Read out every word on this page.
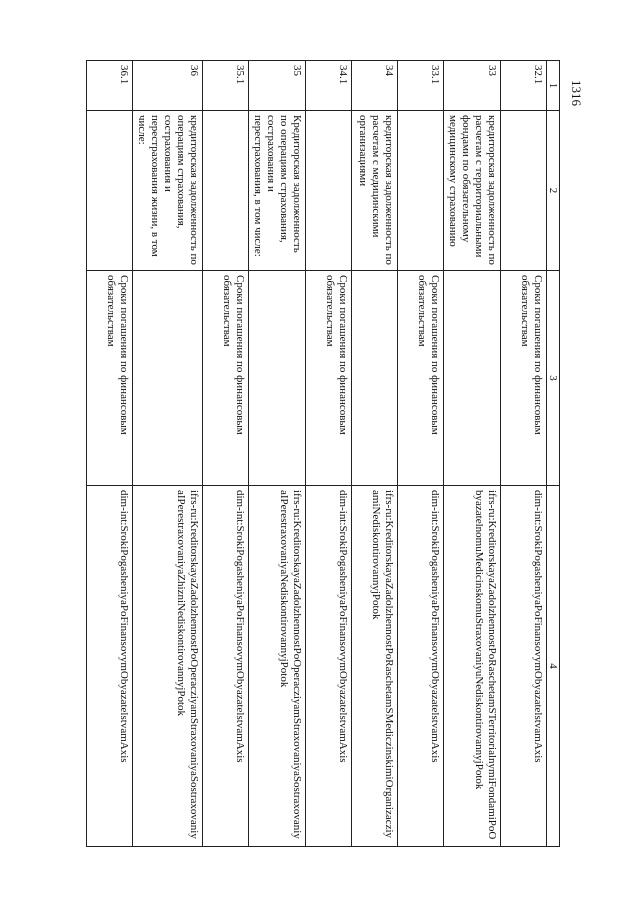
1316
1	2	3	4
32.1		Сроки погашения по финансовым обязательствам	dim-int:SrokiPogasheniyaPoFinansovymObyazatelstvamAxis
33	кредиторская задолженность по расчетам с территориальными фондами по обязательному медицинскому страхованию		ifrs-ru:KreditorskayaZadolzhennostPoRaschetamSTerritorialnymiFondamiPoObyazatelnomuMedicinskomuStraxovaniyuNediskontirovannyjPotok
33.1		Сроки погашения по финансовым обязательствам	dim-int:SrokiPogasheniyaPoFinansovymObyazatelstvamAxis
34	кредиторская задолженность по расчетам с медицинскими организациями		ifrs-ru:KreditorskayaZadolzhennostPoRaschetamSMediczinskimiOrganizacziyamiNediskontirovannyjPotok
34.1		Сроки погашения по финансовым обязательствам	dim-int:SrokiPogasheniyaPoFinansovymObyazatelstvamAxis
35	Кредиторская задолженность по операциям страхования, сострахования и перестрахования, в том числе:		ifrs-ru:KreditorskayaZadolzhennostPoOperacziyamStraxovaniyaSostraxovaniyaIPerestraxovaniyaNediskontirovannyjPotok
35.1		Сроки погашения по финансовым обязательствам	dim-int:SrokiPogasheniyaPoFinansovymObyazatelstvamAxis
36	кредиторская задолженность по операциям страхования, сострахования и перестрахования жизни, в том числе:		ifrs-ru:KreditorskayaZadolzhennostPoOperacziyamStraxovaniyaSostraxovaniyaIPerestraxovaniyaZhizniNediskontirovannyjPotok
36.1		Сроки погашения по финансовым обязательствам	dim-int:SrokiPogasheniyaPoFinansovymObyazatelstvamAxis
